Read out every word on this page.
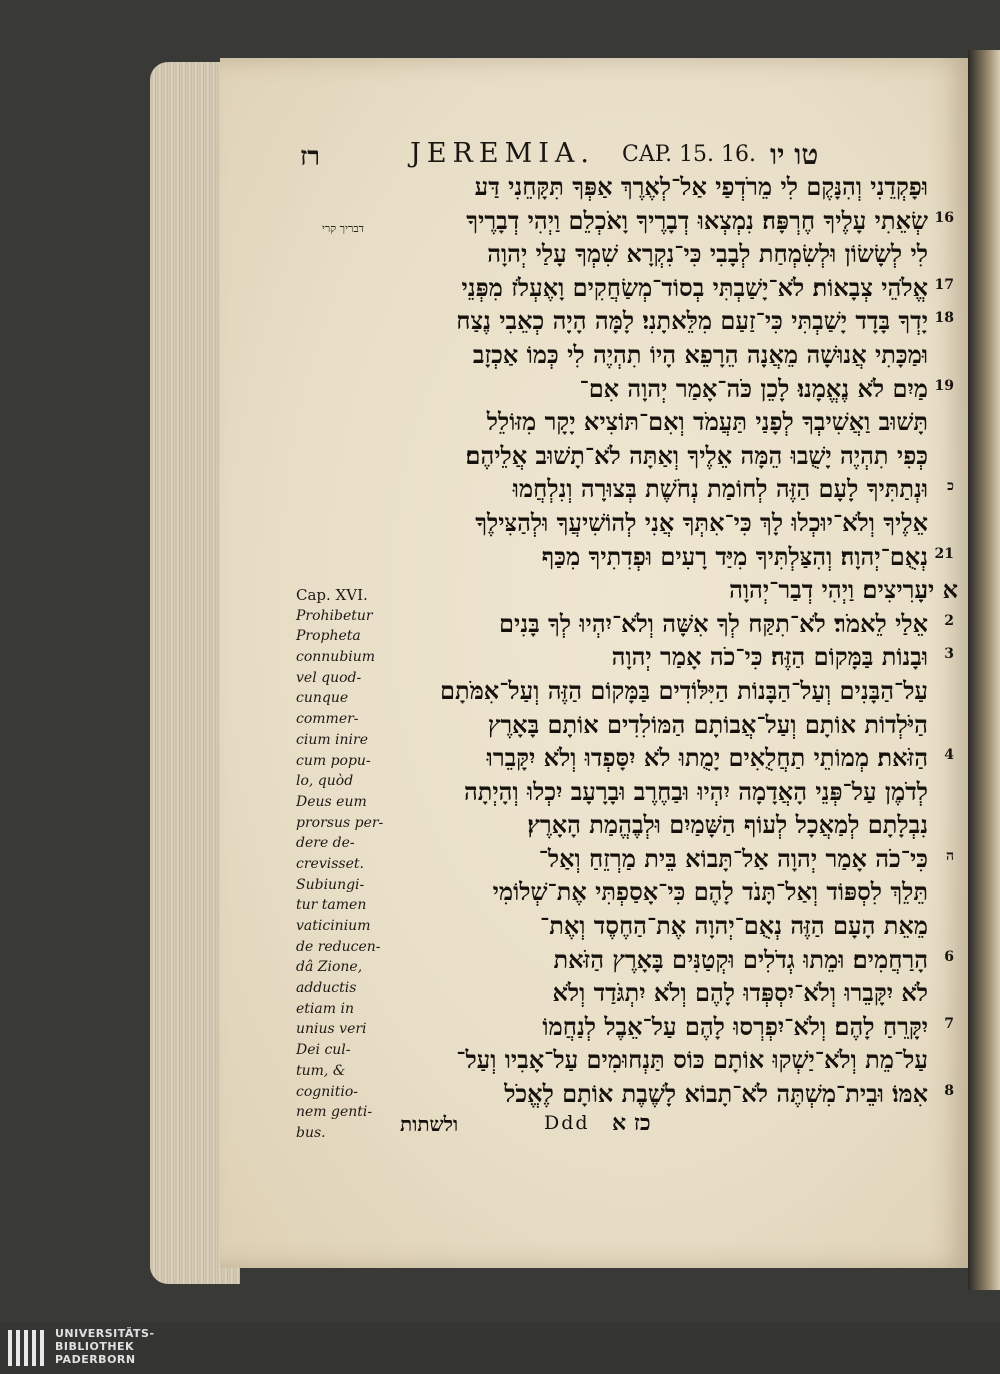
רז	JEREMIA. CAP. 15. 16. טו יו
דבריך קרי
וּפָקְדֵנִי וְהִנָּקֶם לִי מֵרֹדְפַי אַל־לְאֶרֶךְ אַפְּךָ תִּקָּחֵנִי דַּע
שְׂאֵתִי עָלֶיךָ חֶרְפָּה׃ נִמְצְאוּ דְבָרֶיךָ וָאֹכְלֵם וַיְהִי דְבָרֶיךָ 16
לִי לְשָׂשׂוֹן וּלְשִׂמְחַת לְבָבִי כִּי־נִקְרָא שִׁמְךָ עָלַי יְהוָה
אֱלֹהֵי צְבָאוֹת׃ לֹא־יָשַׁבְתִּי בְסוֹד־מְשַׂחֲקִים וָאֶעְלֹז מִפְּנֵי 17
יָדְךָ בָּדָד יָשַׁבְתִּי כִּי־זַעַם מִלֵּאתָנִי׃ לָמָּה הָיָה כְאֵבִי נֶצַח 18
וּמַכָּתִי אֲנוּשָׁה מֵאֲנָה הֵרָפֵא הָיוֹ תִהְיֶה לִי כְּמוֹ אַכְזָב
מַיִם לֹא נֶאֱמָנוּ׃ לָכֵן כֹּה־אָמַר יְהוָה אִם־ 19
תָּשׁוּב וַאֲשִׁיבְךָ לְפָנַי תַּעֲמֹד וְאִם־תּוֹצִיא יָקָר מִזּוֹלֵל
כְּפִי תִהְיֶה יָשֻׁבוּ הֵמָּה אֵלֶיךָ וְאַתָּה לֹא־תָשׁוּב אֲלֵיהֶם׃
וּנְתַתִּיךָ לָעָם הַזֶּה לְחוֹמַת נְחֹשֶׁת בְּצוּרָה וְנִלְחֲמוּ כ
אֵלֶיךָ וְלֹא־יוּכְלוּ לָךְ כִּי־אִתְּךָ אֲנִי לְהוֹשִׁיעֲךָ וּלְהַצִּילֶךָ
נְאֻם־יְהוָה׃ וְהִצַּלְתִּיךָ מִיַּד רָעִים וּפְדִתִיךָ מִכַּף 21
עָרִיצִים׃ וַיְהִי דְבַר־יְהוָה
א יו
אֵלַי לֵאמֹר׃ לֹא־תִקַּח לְךָ אִשָּׁה וְלֹא־יִהְיוּ לְךָ בָּנִים 2
וּבָנוֹת בַּמָּקוֹם הַזֶּה׃ כִּי־כֹה אָמַר יְהוָה 3
עַל־הַבָּנִים וְעַל־הַבָּנוֹת הַיִּלּוֹדִים בַּמָּקוֹם הַזֶּה וְעַל־אִמֹּתָם
הַיֹּלְדוֹת אוֹתָם וְעַל־אֲבוֹתָם הַמּוֹלִדִים אוֹתָם בָּאָרֶץ
הַזֹּאת׃ מְמוֹתֵי תַחֲלֻאִים יָמֻתוּ לֹא יִסָּפְדוּ וְלֹא יִקָּבֵרוּ 4
לְדֹמֶן עַל־פְּנֵי הָאֲדָמָה יִהְיוּ וּבַחֶרֶב וּבָרָעָב יִכְלוּ וְהָיְתָה
נִבְלָתָם לְמַאֲכָל לְעוֹף הַשָּׁמַיִם וּלְבֶהֱמַת הָאָרֶץ׃
כִּי־כֹה אָמַר יְהוָה אַל־תָּבוֹא בֵּית מַרְזֵחַ וְאַל־ ה
תֵּלֵךְ לִסְפּוֹד וְאַל־תָּנֹד לָהֶם כִּי־אָסַפְתִּי אֶת־שְׁלוֹמִי
מֵאֵת הָעָם הַזֶּה נְאֻם־יְהוָה אֶת־הַחֶסֶד וְאֶת־
הָרַחֲמִים׃ וּמֵתוּ גְדֹלִים וּקְטַנִּים בָּאָרֶץ הַזֹּאת 6
לֹא יִקָּבֵרוּ וְלֹא־יִסְפְּדוּ לָהֶם וְלֹא יִתְגֹּדַד וְלֹא
יִקָּרֵחַ לָהֶם׃ וְלֹא־יִפְרְסוּ לָהֶם עַל־אֵבֶל לְנַחֲמוֹ 7
עַל־מֵת וְלֹא־יַשְׁקוּ אוֹתָם כּוֹס תַּנְחוּמִים עַל־אָבִיו וְעַל־
אִמּוֹ׃ וּבֵית־מִשְׁתֶּה לֹא־תָבוֹא לָשֶׁבֶת אוֹתָם לֶאֱכֹל 8
Cap. XVI.
Prohibetur
Propheta
connubium
vel quod-
cunque
commer-
cium inire
cum popu-
lo, quòd
Deus eum
prorsus per-
dere de-
crevisset.
Subiungi-
tur tamen
vaticinium
de reducen-
dâ Zione,
adductis
etiam in
unius veri
Dei cul-
tum, &
cognitio-
nem genti-
bus.	ולשתות	Ddd כז א
UNIVERSITÄTS-
BIBLIOTHEK
PADERBORN
